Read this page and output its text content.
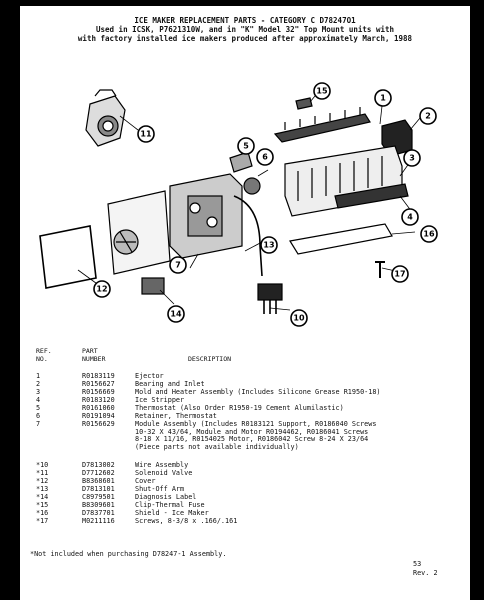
ICE MAKER REPLACEMENT PARTS - CATEGORY C D78247O1
Used in ICSK, P7621310W, and in "K" Model 32" Top Mount units with
with factory installed ice makers produced after approximately March, 1988
1
2
3
4
5
6
7
10
11
12
13
14
15
16
17
REF.
NO.
PART
NUMBER	DESCRIPTION
1	R0183119	Ejector
2	R0156627	Bearing and Inlet
3	R0156669	Mold and Heater Assembly (Includes Silicone Grease R1950-18)
4	R0183120	Ice Stripper
5	R0161060	Thermostat (Also Order R1950-19 Cement Alumilastic)
6	R0191094	Retainer, Thermostat
7	R0156629	Module Assembly (Includes R0183121 Support, R0186040 Screws
10-32 X 43/64, Module and Motor R0194462, R0186041 Screws
8-18 X 11/16, R0154025 Motor, R0186042 Screw 8-24 X 23/64
(Piece parts not available individually)
*10	D7813002	Wire Assembly
*11	D7712602	Solenoid Valve
*12	B8368601	Cover
*13	D7813101	Shut-Off Arm
*14	C8979501	Diagnosis Label
*15	B8309601	Clip-Thermal Fuse
*16	D7837701	Shield - Ice Maker
*17	M0211116	Screws, 8-3/8 x .166/.161
*Not included when purchasing D78247-1 Assembly.
53
Rev. 2
